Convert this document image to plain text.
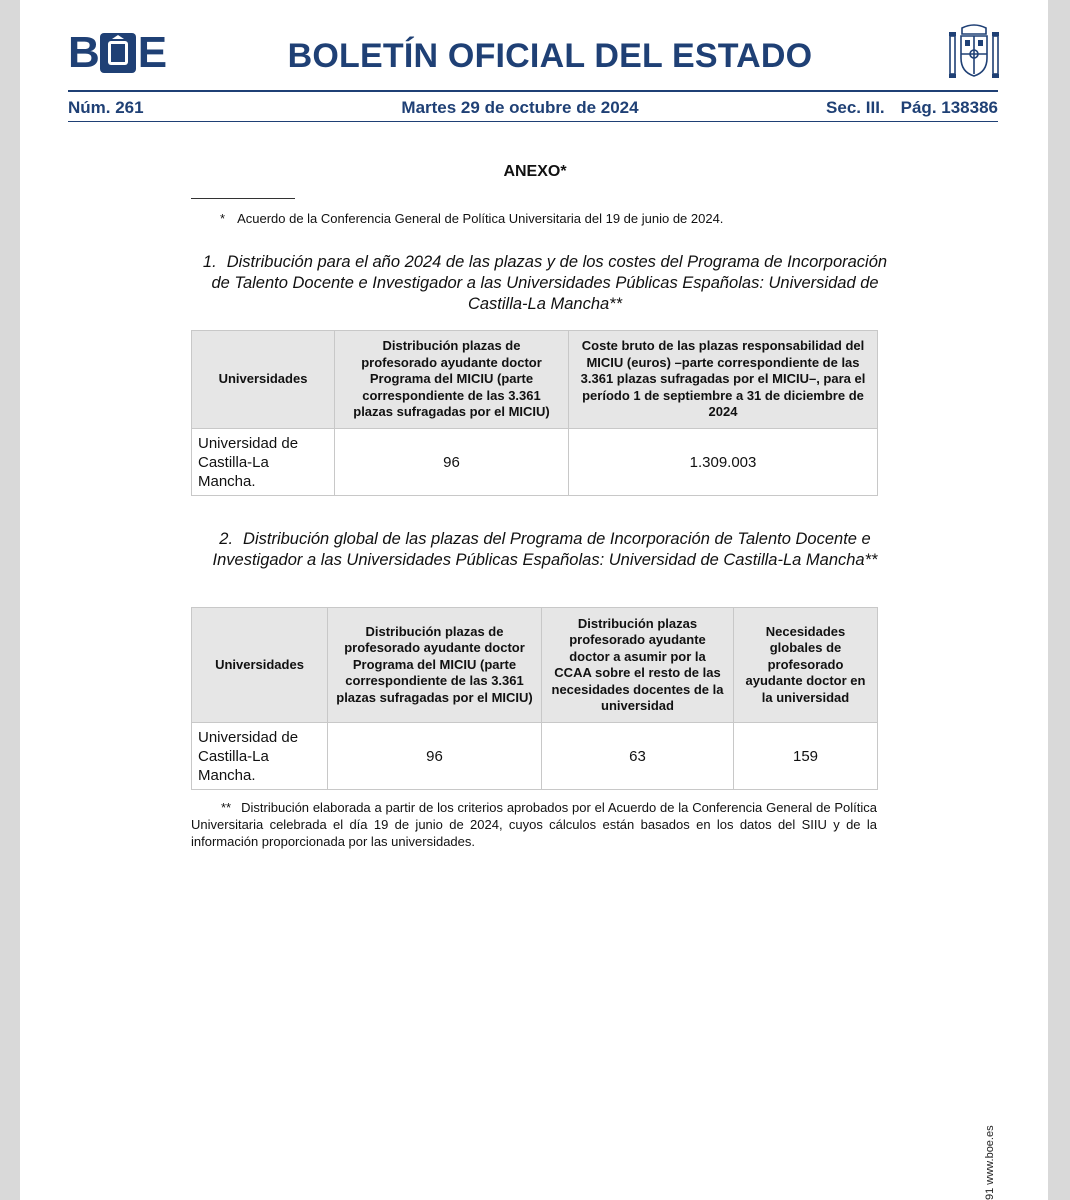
B E	BOLETÍN OFICIAL DEL ESTADO
Núm. 261	Martes 29 de octubre de 2024	Sec. III. Pág. 138386
ANEXO*
* Acuerdo de la Conferencia General de Política Universitaria del 19 de junio de 2024.
1. Distribución para el año 2024 de las plazas y de los costes del Programa de Incorporación de Talento Docente e Investigador a las Universidades Públicas Españolas: Universidad de Castilla-La Mancha**
Universidades	Distribución plazas de profesorado ayudante doctor Programa del MICIU (parte correspondiente de las 3.361 plazas sufragadas por el MICIU)	Coste bruto de las plazas responsabilidad del MICIU (euros) –parte correspondiente de las 3.361 plazas sufragadas por el MICIU–, para el período 1 de septiembre a 31 de diciembre de 2024
Universidad de Castilla-La Mancha.	96	1.309.003
2. Distribución global de las plazas del Programa de Incorporación de Talento Docente e Investigador a las Universidades Públicas Españolas: Universidad de Castilla-La Mancha**
Universidades	Distribución plazas de profesorado ayudante doctor Programa del MICIU (parte correspondiente de las 3.361 plazas sufragadas por el MICIU)	Distribución plazas profesorado ayudante doctor a asumir por la CCAA sobre el resto de las necesidades docentes de la universidad	Necesidades globales de profesorado ayudante doctor en la universidad
Universidad de Castilla-La Mancha.	96	63	159
** Distribución elaborada a partir de los criterios aprobados por el Acuerdo de la Conferencia General de Política Universitaria celebrada el día 19 de junio de 2024, cuyos cálculos están basados en los datos del SIIU y de la información proporcionada por las universidades.
91 www.boe.es
